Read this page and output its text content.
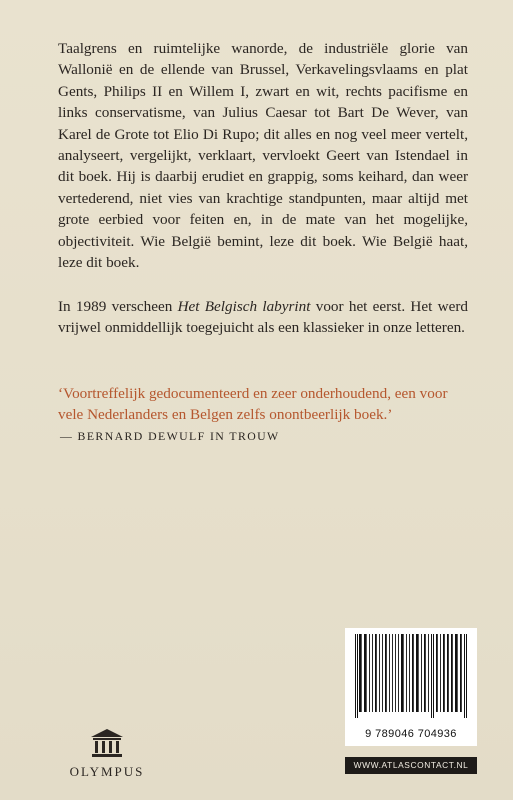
Taalgrens en ruimtelijke wanorde, de industriële glorie van Wallonië en de ellende van Brussel, Verkavelingsvlaams en plat Gents, Philips II en Willem I, zwart en wit, rechts pacifisme en links conservatisme, van Julius Caesar tot Bart De Wever, van Karel de Grote tot Elio Di Rupo; dit alles en nog veel meer vertelt, analyseert, vergelijkt, verklaart, vervloekt Geert van Istendael in dit boek. Hij is daarbij erudiet en grappig, soms keihard, dan weer vertederend, niet vies van krachtige standpunten, maar altijd met grote eerbied voor feiten en, in de mate van het mogelijke, objectiviteit. Wie België bemint, leze dit boek. Wie België haat, leze dit boek.
In 1989 verscheen Het Belgisch labyrint voor het eerst. Het werd vrijwel onmiddellijk toegejuicht als een klassieker in onze letteren.
‘Voortreffelijk gedocumenteerd en zeer onderhoudend, een voor vele Nederlanders en Belgen zelfs onontbeerlijk boek.’
— BERNARD DEWULF IN TROUW
OLYMPUS
9 789046 704936
WWW.ATLASCONTACT.NL
